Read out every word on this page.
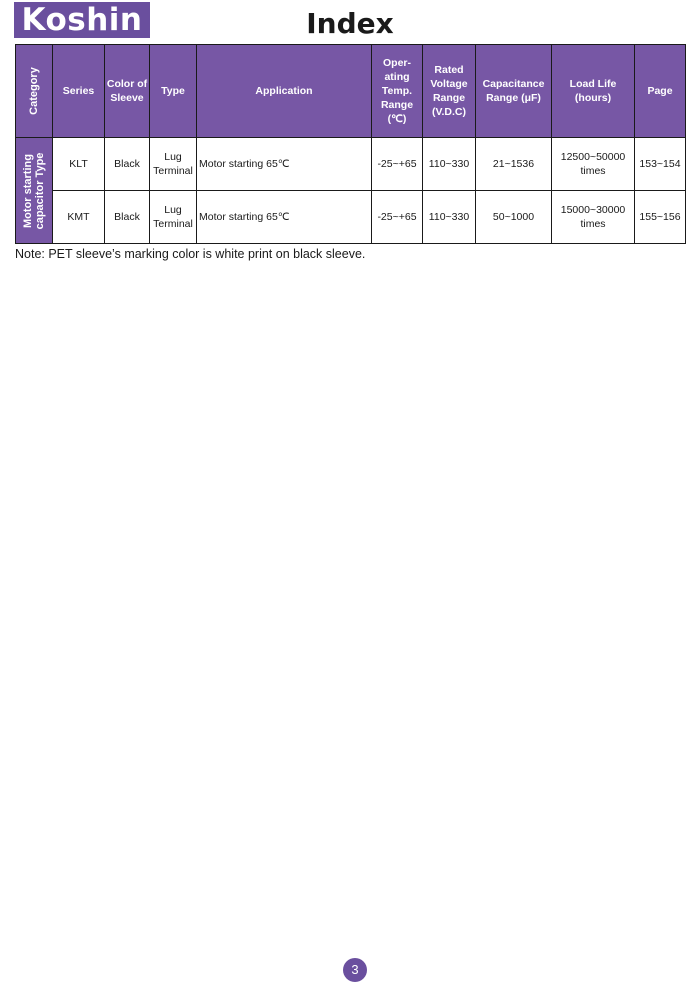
Koshin	Index
Category	Series	Color of Sleeve	Type	Application	Oper- ating Temp. Range (℃)	Rated Voltage Range (V.D.C)	Capacitance Range (μF)	Load Life (hours)	Page

Motor starting
capacitor Type	KLT	Black	Lug Terminal	Motor starting 65℃	-25~+65	110~330	21~1536	12500~50000 times	153~154
	KMT	Black	Lug Terminal	Motor starting 65℃	-25~+65	110~330	50~1000	15000~30000 times	155~156
Note: PET sleeve’s marking color is white print on black sleeve.
3
